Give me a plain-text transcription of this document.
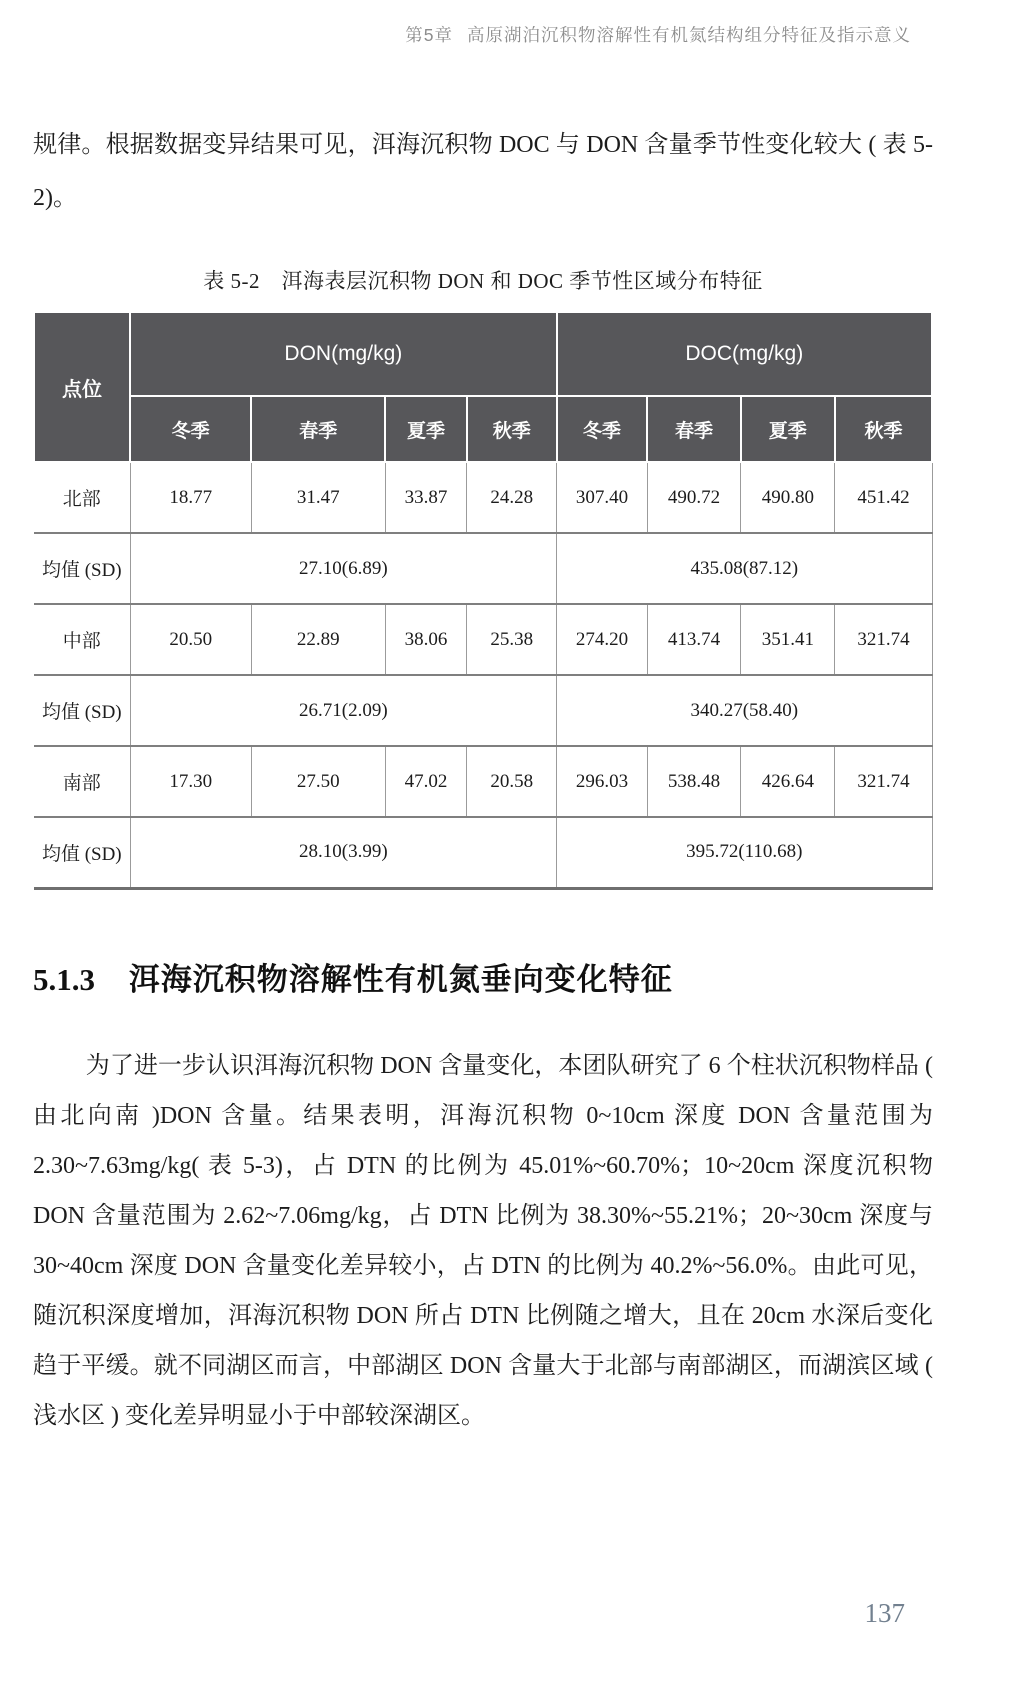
第5章 高原湖泊沉积物溶解性有机氮结构组分特征及指示意义

规律。根据数据变异结果可见，洱海沉积物 DOC 与 DON 含量季节性变化较大 ( 表 5-2)。

表 5-2　洱海表层沉积物 DON 和 DOC 季节性区域分布特征
点位	DON(mg/kg)				DOC(mg/kg)			
	冬季	春季	夏季	秋季	冬季	春季	夏季	秋季
北部	18.77	31.47	33.87	24.28	307.40	490.72	490.80	451.42
均值 (SD)	27.10(6.89)				435.08(87.12)			
中部	20.50	22.89	38.06	25.38	274.20	413.74	351.41	321.74
均值 (SD)	26.71(2.09)				340.27(58.40)			
南部	17.30	27.50	47.02	20.58	296.03	538.48	426.64	321.74
均值 (SD)	28.10(3.99)				395.72(110.68)			
5.1.3 洱海沉积物溶解性有机氮垂向变化特征

为了进一步认识洱海沉积物 DON 含量变化，本团队研究了 6 个柱状沉积物样品 ( 由北向南 )DON 含量。结果表明，洱海沉积物 0~10cm 深度 DON 含量范围为 2.30~7.63mg/kg( 表 5-3)，占 DTN 的比例为 45.01%~60.70%；10~20cm 深度沉积物 DON 含量范围为 2.62~7.06mg/kg，占 DTN 比例为 38.30%~55.21%；20~30cm 深度与 30~40cm 深度 DON 含量变化差异较小，占 DTN 的比例为 40.2%~56.0%。由此可见，随沉积深度增加，洱海沉积物 DON 所占 DTN 比例随之增大，且在 20cm 水深后变化趋于平缓。就不同湖区而言，中部湖区 DON 含量大于北部与南部湖区，而湖滨区域 ( 浅水区 ) 变化差异明显小于中部较深湖区。

137
